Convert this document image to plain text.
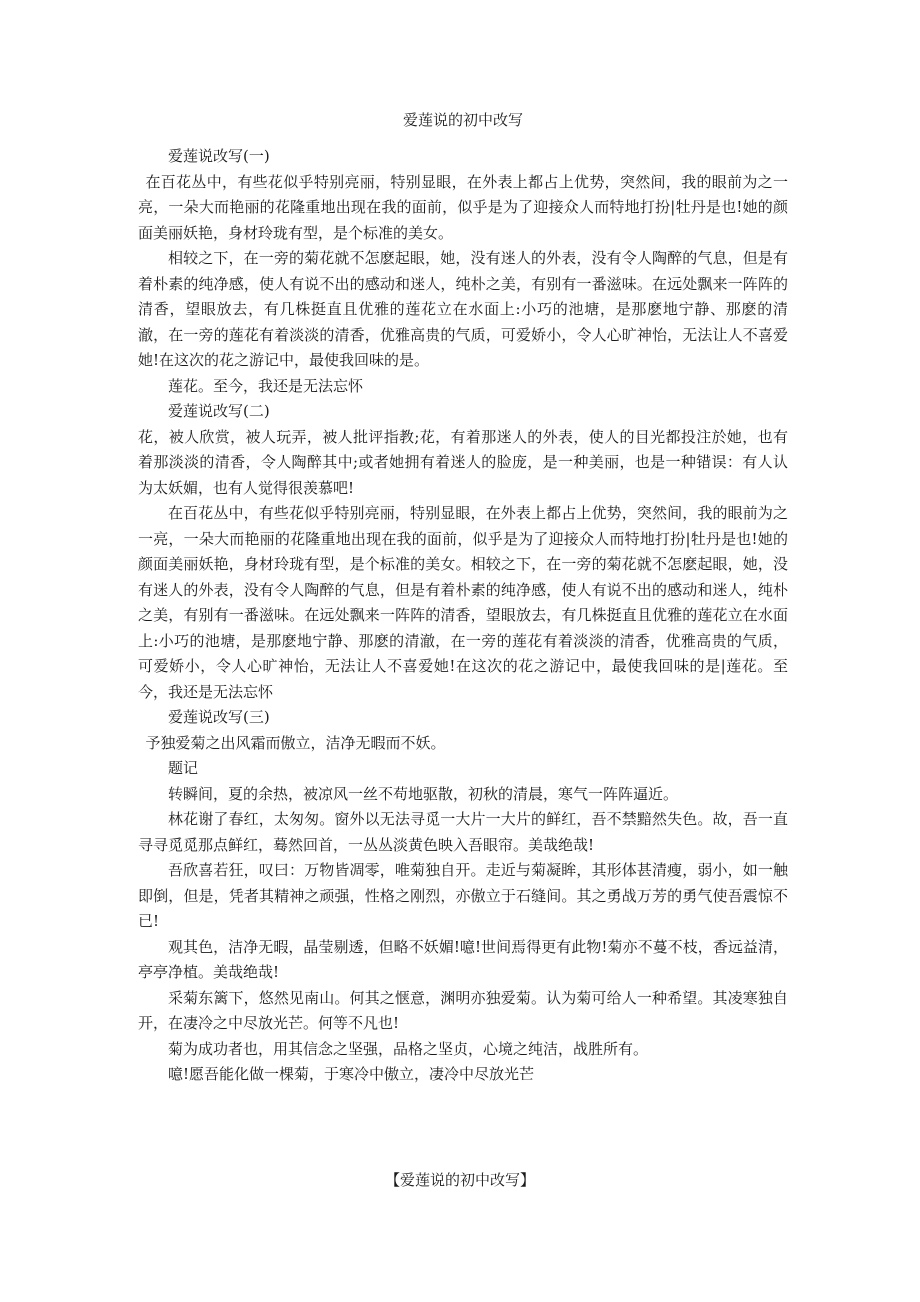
爱莲说的初中改写

爱莲说改写(一)

在百花丛中，有些花似乎特别亮丽，特别显眼，在外表上都占上优势，突然间，我的眼前为之一亮，一朵大而艳丽的花隆重地出现在我的面前，似乎是为了迎接众人而特地打扮|牡丹是也!她的颜面美丽妖艳，身材玲珑有型，是个标准的美女。

相较之下，在一旁的菊花就不怎麽起眼，她，没有迷人的外表，没有令人陶醉的气息，但是有着朴素的纯净感，使人有说不出的感动和迷人，纯朴之美，有别有一番滋味。在远处飘来一阵阵的清香，望眼放去，有几株挺直且优雅的莲花立在水面上:小巧的池塘，是那麽地宁静、那麽的清澈，在一旁的莲花有着淡淡的清香，优雅高贵的气质，可爱娇小，令人心旷神怡，无法让人不喜爱她!在这次的花之游记中，最使我回味的是。

莲花。至今，我还是无法忘怀

爱莲说改写(二)

花，被人欣赏，被人玩弄，被人批评指教;花，有着那迷人的外表，使人的目光都投注於她，也有着那淡淡的清香，令人陶醉其中;或者她拥有着迷人的脸庞，是一种美丽，也是一种错误：有人认为太妖媚，也有人觉得很羡慕吧!

在百花丛中，有些花似乎特别亮丽，特别显眼，在外表上都占上优势，突然间，我的眼前为之一亮，一朵大而艳丽的花隆重地出现在我的面前，似乎是为了迎接众人而特地打扮|牡丹是也!她的颜面美丽妖艳，身材玲珑有型，是个标准的美女。相较之下，在一旁的菊花就不怎麽起眼，她，没有迷人的外表，没有令人陶醉的气息，但是有着朴素的纯净感，使人有说不出的感动和迷人，纯朴之美，有别有一番滋味。在远处飘来一阵阵的清香，望眼放去，有几株挺直且优雅的莲花立在水面上:小巧的池塘，是那麽地宁静、那麽的清澈，在一旁的莲花有着淡淡的清香，优雅高贵的气质，可爱娇小，令人心旷神怡，无法让人不喜爱她!在这次的花之游记中，最使我回味的是|莲花。至今，我还是无法忘怀

爱莲说改写(三)

予独爱菊之出风霜而傲立，洁净无暇而不妖。

题记

转瞬间，夏的余热，被凉风一丝不苟地驱散，初秋的清晨，寒气一阵阵逼近。

林花谢了春红，太匆匆。窗外以无法寻觅一大片一大片的鲜红，吾不禁黯然失色。故，吾一直寻寻觅觅那点鲜红，蓦然回首，一丛丛淡黄色映入吾眼帘。美哉绝哉!

吾欣喜若狂，叹曰：万物皆凋零，唯菊独自开。走近与菊凝眸，其形体甚清瘦，弱小，如一触即倒，但是，凭者其精神之顽强，性格之刚烈，亦傲立于石缝间。其之勇战万芳的勇气使吾震惊不已!

观其色，洁净无暇，晶莹剔透，但略不妖媚!噫!世间焉得更有此物!菊亦不蔓不枝，香远益清，亭亭净植。美哉绝哉!

采菊东篱下，悠然见南山。何其之惬意，渊明亦独爱菊。认为菊可给人一种希望。其凌寒独自开，在凄冷之中尽放光芒。何等不凡也!

菊为成功者也，用其信念之坚强，品格之坚贞，心境之纯洁，战胜所有。

噫!愿吾能化做一棵菊，于寒冷中傲立，凄冷中尽放光芒

【爱莲说的初中改写】
